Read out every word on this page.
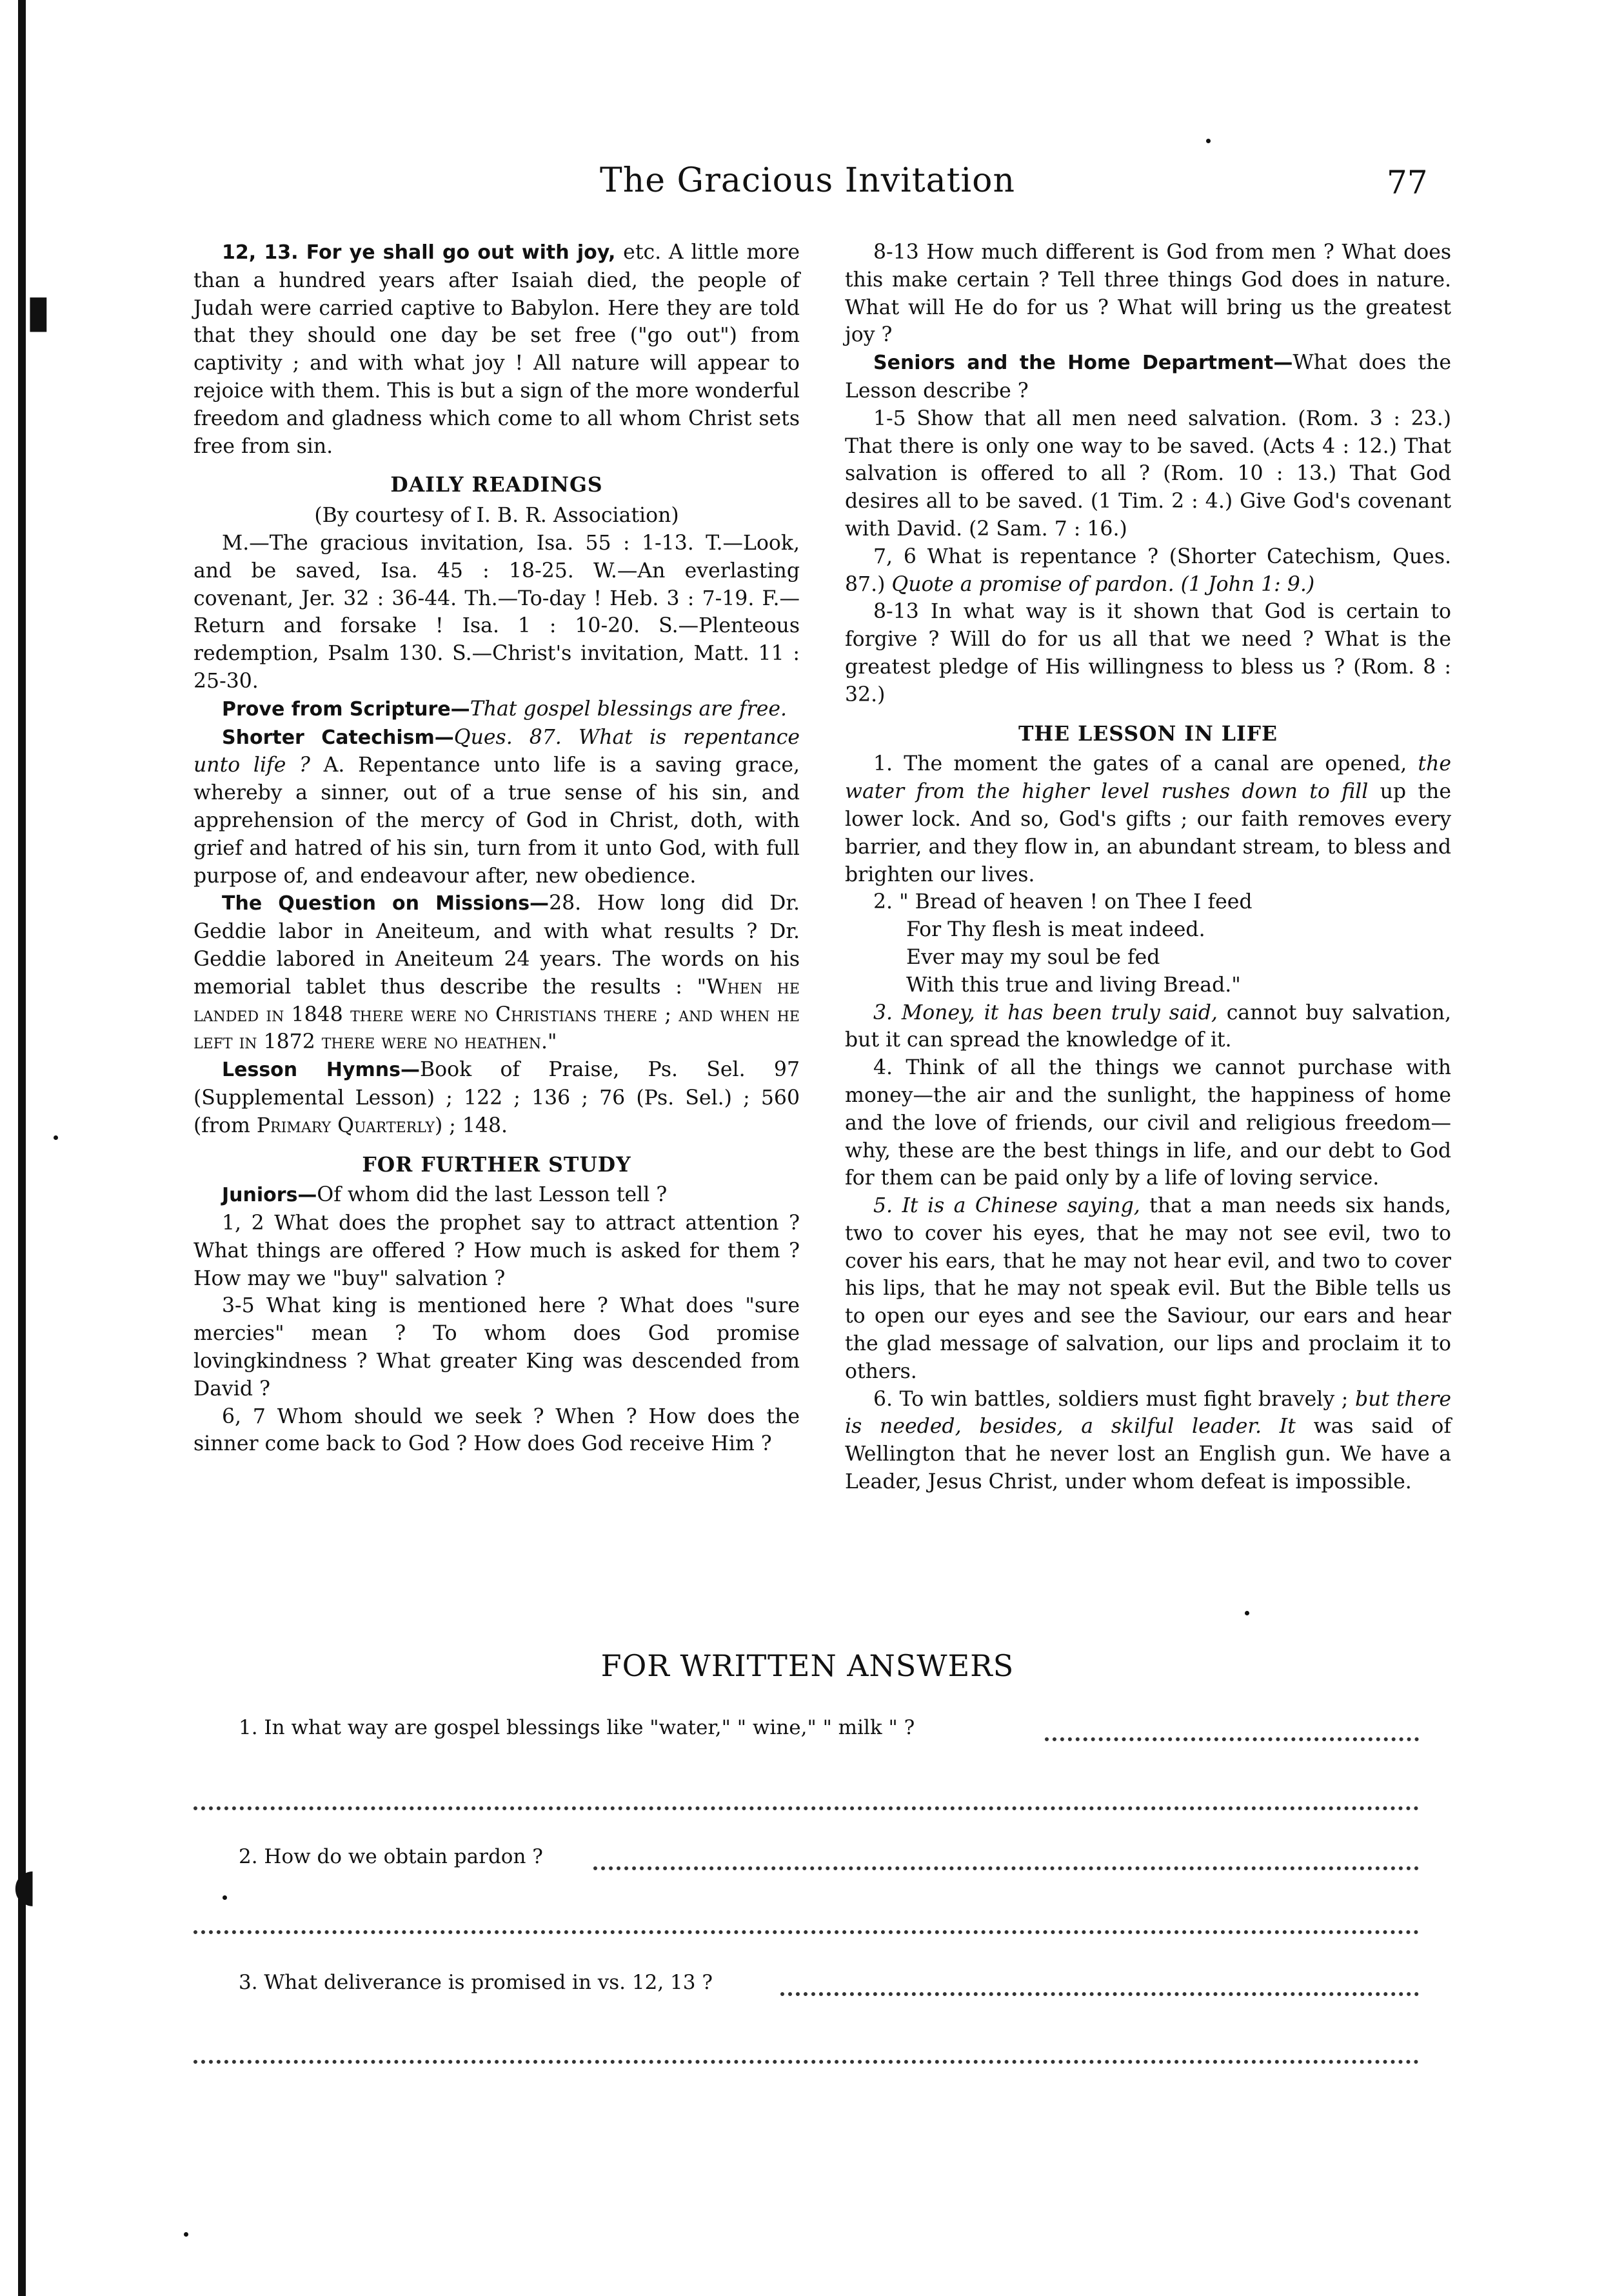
▮
◖
The Gracious Invitation	77

12, 13. For ye shall go out with joy, etc. A little more than a hundred years after Isaiah died, the people of Judah were carried captive to Babylon. Here they are told that they should one day be set free ("go out") from captivity ; and with what joy ! All nature will appear to rejoice with them. This is but a sign of the more wonderful freedom and gladness which come to all whom Christ sets free from sin.

DAILY READINGS

(By courtesy of I. B. R. Association)

M.—The gracious invitation, Isa. 55 : 1-13. T.—Look, and be saved, Isa. 45 : 18-25. W.—An everlasting covenant, Jer. 32 : 36-44. Th.—To-day ! Heb. 3 : 7-19. F.—Return and forsake ! Isa. 1 : 10-20. S.—Plenteous redemption, Psalm 130. S.—Christ's invitation, Matt. 11 : 25-30.

Prove from Scripture—That gospel blessings are free.

Shorter Catechism—Ques. 87. What is repentance unto life ? A. Repentance unto life is a saving grace, whereby a sinner, out of a true sense of his sin, and apprehension of the mercy of God in Christ, doth, with grief and hatred of his sin, turn from it unto God, with full purpose of, and endeavour after, new obedience.

The Question on Missions—28. How long did Dr. Geddie labor in Aneiteum, and with what results ? Dr. Geddie labored in Aneiteum 24 years. The words on his memorial tablet thus describe the results : "When he landed in 1848 there were no Christians there ; and when he left in 1872 there were no heathen."

Lesson Hymns—Book of Praise, Ps. Sel. 97 (Supplemental Lesson) ; 122 ; 136 ; 76 (Ps. Sel.) ; 560 (from Primary Quarterly) ; 148.

FOR FURTHER STUDY

Juniors—Of whom did the last Lesson tell ?

1, 2 What does the prophet say to attract attention ? What things are offered ? How much is asked for them ? How may we "buy" salvation ?

3-5 What king is mentioned here ? What does "sure mercies" mean ? To whom does God promise lovingkindness ? What greater King was descended from David ?

6, 7 Whom should we seek ? When ? How does the sinner come back to God ? How does God receive Him ?

8-13 How much different is God from men ? What does this make certain ? Tell three things God does in nature. What will He do for us ? What will bring us the greatest joy ?

Seniors and the Home Department—What does the Lesson describe ?

1-5 Show that all men need salvation. (Rom. 3 : 23.) That there is only one way to be saved. (Acts 4 : 12.) That salvation is offered to all ? (Rom. 10 : 13.) That God desires all to be saved. (1 Tim. 2 : 4.) Give God's covenant with David. (2 Sam. 7 : 16.)

7, 6 What is repentance ? (Shorter Catechism, Ques. 87.) Quote a promise of pardon. (1 John 1: 9.)

8-13 In what way is it shown that God is certain to forgive ? Will do for us all that we need ? What is the greatest pledge of His willingness to bless us ? (Rom. 8 : 32.)

THE LESSON IN LIFE

1. The moment the gates of a canal are opened, the water from the higher level rushes down to fill up the lower lock. And so, God's gifts ; our faith removes every barrier, and they flow in, an abundant stream, to bless and brighten our lives.

2. " Bread of heaven ! on Thee I feed

For Thy flesh is meat indeed.

Ever may my soul be fed

With this true and living Bread."

3. Money, it has been truly said, cannot buy salvation, but it can spread the knowledge of it.

4. Think of all the things we cannot purchase with money—the air and the sunlight, the happiness of home and the love of friends, our civil and religious freedom—why, these are the best things in life, and our debt to God for them can be paid only by a life of loving service.

5. It is a Chinese saying, that a man needs six hands, two to cover his eyes, that he may not see evil, two to cover his ears, that he may not hear evil, and two to cover his lips, that he may not speak evil. But the Bible tells us to open our eyes and see the Saviour, our ears and hear the glad message of salvation, our lips and proclaim it to others.

6. To win battles, soldiers must fight bravely ; but there is needed, besides, a skilful leader. It was said of Wellington that he never lost an English gun. We have a Leader, Jesus Christ, under whom defeat is impossible.

FOR WRITTEN ANSWERS
1. In what way are gospel blessings like "water," " wine," " milk " ?
2. How do we obtain pardon ?
3. What deliverance is promised in vs. 12, 13 ?
